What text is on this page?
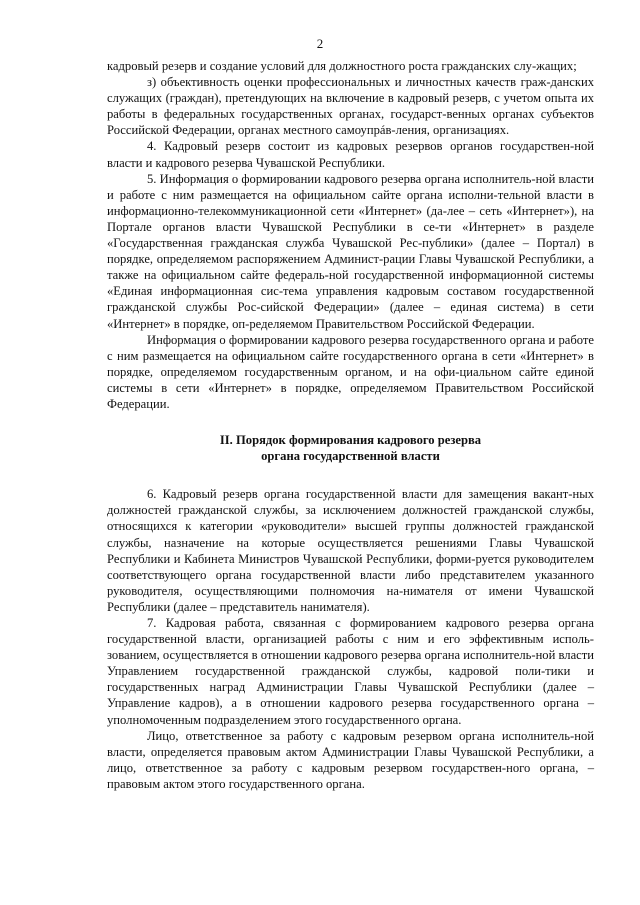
2

кадровый резерв и создание условий для должностного роста гражданских слу-жащих;

з) объективность оценки профессиональных и личностных качеств граж-данских служащих (граждан), претендующих на включение в кадровый резерв, с учетом опыта их работы в федеральных государственных органах, государст-венных органах субъектов Российской Федерации, органах местного самоупрáв-ления, организациях.

4. Кадровый резерв состоит из кадровых резервов органов государствен-ной власти и кадрового резерва Чувашской Республики.

5. Информация о формировании кадрового резерва органа исполнитель-ной власти и работе с ним размещается на официальном сайте органа исполни-тельной власти в информационно-телекоммуникационной сети «Интернет» (да-лее – сеть «Интернет»), на Портале органов власти Чувашской Республики в се-ти «Интернет» в разделе «Государственная гражданская служба Чувашской Рес-публики» (далее – Портал) в порядке, определяемом распоряжением Админист-рации Главы Чувашской Республики, а также на официальном сайте федераль-ной государственной информационной системы «Единая информационная сис-тема управления кадровым составом государственной гражданской службы Рос-сийской Федерации» (далее – единая система) в сети «Интернет» в порядке, оп-ределяемом Правительством Российской Федерации.

Информация о формировании кадрового резерва государственного органа и работе с ним размещается на официальном сайте государственного органа в сети «Интернет» в порядке, определяемом государственным органом, и на офи-циальном сайте единой системы в сети «Интернет» в порядке, определяемом Правительством Российской Федерации.

II. Порядок формирования кадрового резерва
органа государственной власти

6. Кадровый резерв органа государственной власти для замещения вакант-ных должностей гражданской службы, за исключением должностей гражданской службы, относящихся к категории «руководители» высшей группы должностей гражданской службы, назначение на которые осуществляется решениями Главы Чувашской Республики и Кабинета Министров Чувашской Республики, форми-руется руководителем соответствующего органа государственной власти либо представителем указанного руководителя, осуществляющими полномочия на-нимателя от имени Чувашской Республики (далее – представитель нанимателя).

7. Кадровая работа, связанная с формированием кадрового резерва органа государственной власти, организацией работы с ним и его эффективным исполь-зованием, осуществляется в отношении кадрового резерва органа исполнитель-ной власти Управлением государственной гражданской службы, кадровой поли-тики и государственных наград Администрации Главы Чувашской Республики (далее – Управление кадров), а в отношении кадрового резерва государственного органа – уполномоченным подразделением этого государственного органа.

Лицо, ответственное за работу с кадровым резервом органа исполнитель-ной власти, определяется правовым актом Администрации Главы Чувашской Республики, а лицо, ответственное за работу с кадровым резервом государствен-ного органа, – правовым актом этого государственного органа.
